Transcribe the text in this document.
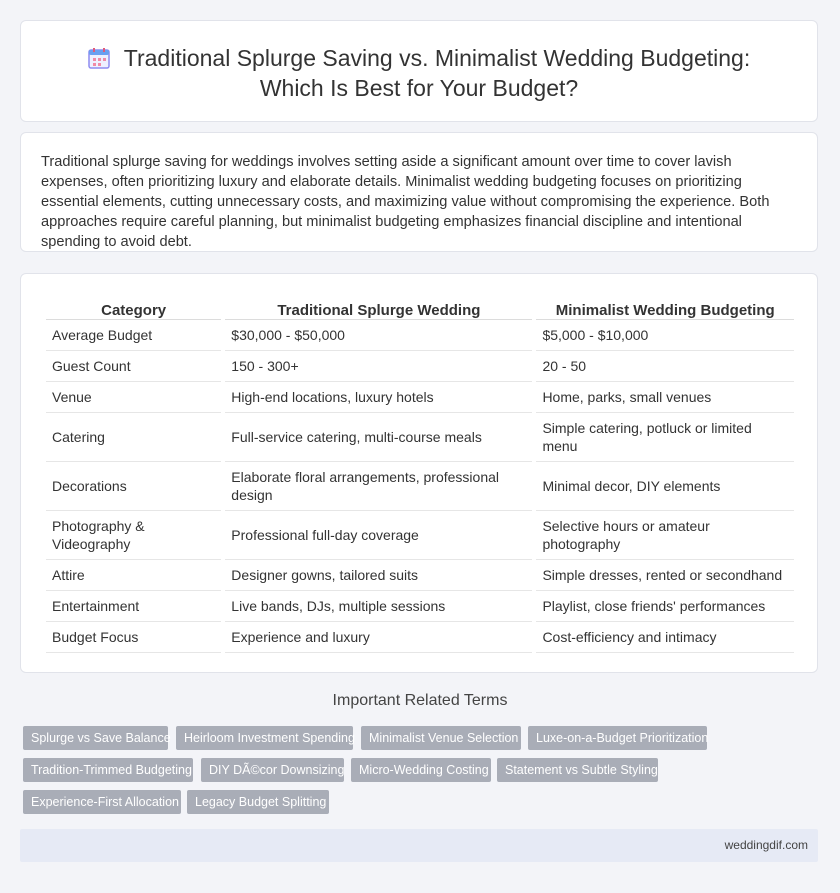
Traditional Splurge Saving vs. Minimalist Wedding Budgeting:
Which Is Best for Your Budget?

Traditional splurge saving for weddings involves setting aside a significant amount over time to cover lavish expenses, often prioritizing luxury and elaborate details. Minimalist wedding budgeting focuses on prioritizing essential elements, cutting unnecessary costs, and maximizing value without compromising the experience. Both approaches require careful planning, but minimalist budgeting emphasizes financial discipline and intentional spending to avoid debt.

Category	Traditional Splurge Wedding	Minimalist Wedding Budgeting
Average Budget	$30,000 - $50,000	$5,000 - $10,000
Guest Count	150 - 300+	20 - 50
Venue	High-end locations, luxury hotels	Home, parks, small venues
Catering	Full-service catering, multi-course meals	Simple catering, potluck or limited menu
Decorations	Elaborate floral arrangements, professional design	Minimal decor, DIY elements
Photography & Videography	Professional full-day coverage	Selective hours or amateur photography
Attire	Designer gowns, tailored suits	Simple dresses, rented or secondhand
Entertainment	Live bands, DJs, multiple sessions	Playlist, close friends' performances
Budget Focus	Experience and luxury	Cost-efficiency and intimacy
Important Related Terms
Splurge vs Save Balance	Heirloom Investment Spending	Minimalist Venue Selection	Luxe-on-a-Budget Prioritization
Tradition-Trimmed Budgeting	DIY DÃ©cor Downsizing	Micro-Wedding Costing	Statement vs Subtle Styling
Experience-First Allocation	Legacy Budget Splitting
weddingdif.com
